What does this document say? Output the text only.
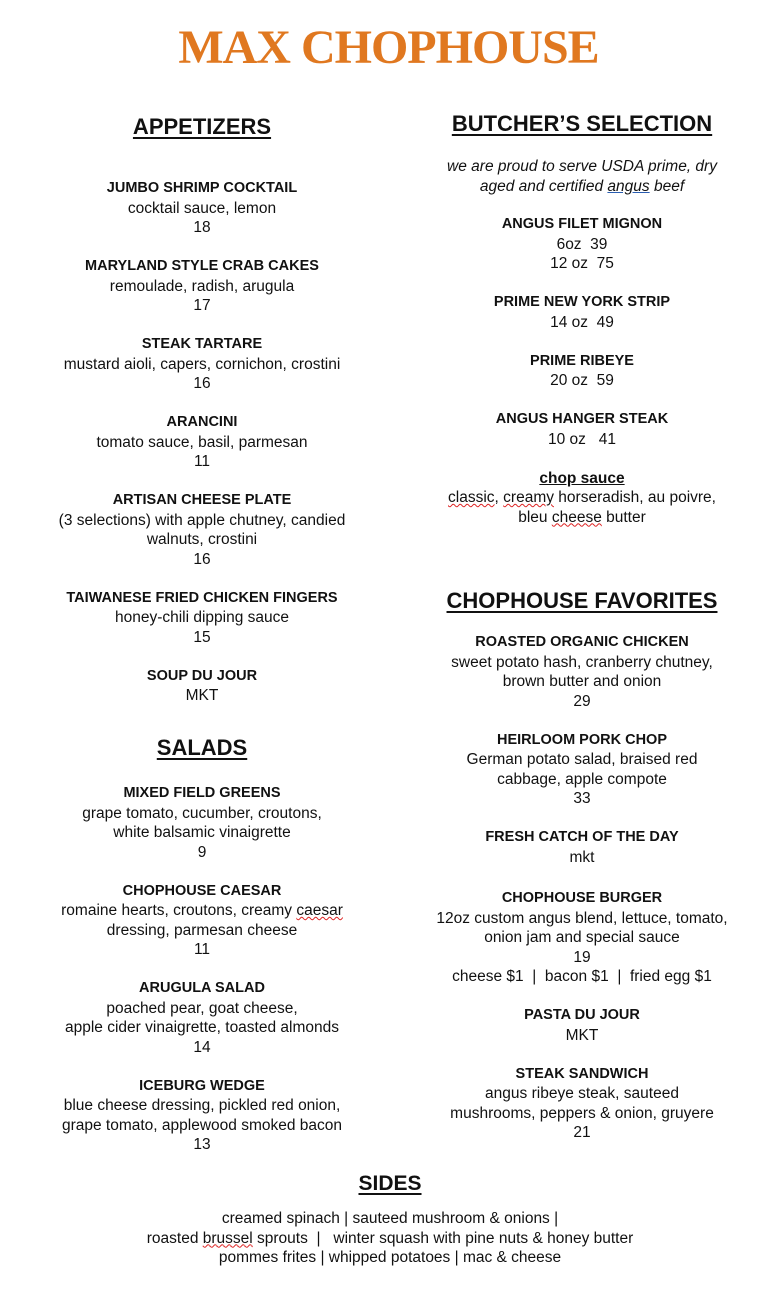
MAX CHOPHOUSE
APPETIZERS
JUMBO SHRIMP COCKTAIL
cocktail sauce, lemon
18
MARYLAND STYLE CRAB CAKES
remoulade, radish, arugula
17
STEAK TARTARE
mustard aioli, capers, cornichon, crostini
16
ARANCINI
tomato sauce, basil, parmesan
11
ARTISAN CHEESE PLATE
(3 selections) with apple chutney, candied
walnuts, crostini
16
TAIWANESE FRIED CHICKEN FINGERS
honey-chili dipping sauce
15
SOUP DU JOUR
MKT
SALADS
MIXED FIELD GREENS
grape tomato, cucumber, croutons,
white balsamic vinaigrette
9
CHOPHOUSE CAESAR
romaine hearts, croutons, creamy caesar
dressing, parmesan cheese
11
ARUGULA SALAD
poached pear, goat cheese,
apple cider vinaigrette, toasted almonds
14
ICEBURG WEDGE
blue cheese dressing, pickled red onion,
grape tomato, applewood smoked bacon
13
BUTCHER’S SELECTION
we are proud to serve USDA prime, dry
aged and certified angus beef
ANGUS FILET MIGNON
6oz  39
12 oz  75
PRIME NEW YORK STRIP
14 oz  49
PRIME RIBEYE
20 oz  59
ANGUS HANGER STEAK
10 oz   41
chop sauce
classic, creamy horseradish, au poivre,
bleu cheese butter
CHOPHOUSE FAVORITES
ROASTED ORGANIC CHICKEN
sweet potato hash, cranberry chutney,
brown butter and onion
29
HEIRLOOM PORK CHOP
German potato salad, braised red
cabbage, apple compote
33
FRESH CATCH OF THE DAY
mkt
CHOPHOUSE BURGER
12oz custom angus blend, lettuce, tomato,
onion jam and special sauce
19
cheese $1  |  bacon $1  |  fried egg $1
PASTA DU JOUR
MKT
STEAK SANDWICH
angus ribeye steak, sauteed
mushrooms, peppers & onion, gruyere
21
SIDES
creamed spinach | sauteed mushroom & onions |
roasted brussel sprouts  |   winter squash with pine nuts & honey butter
pommes frites | whipped potatoes | mac & cheese
